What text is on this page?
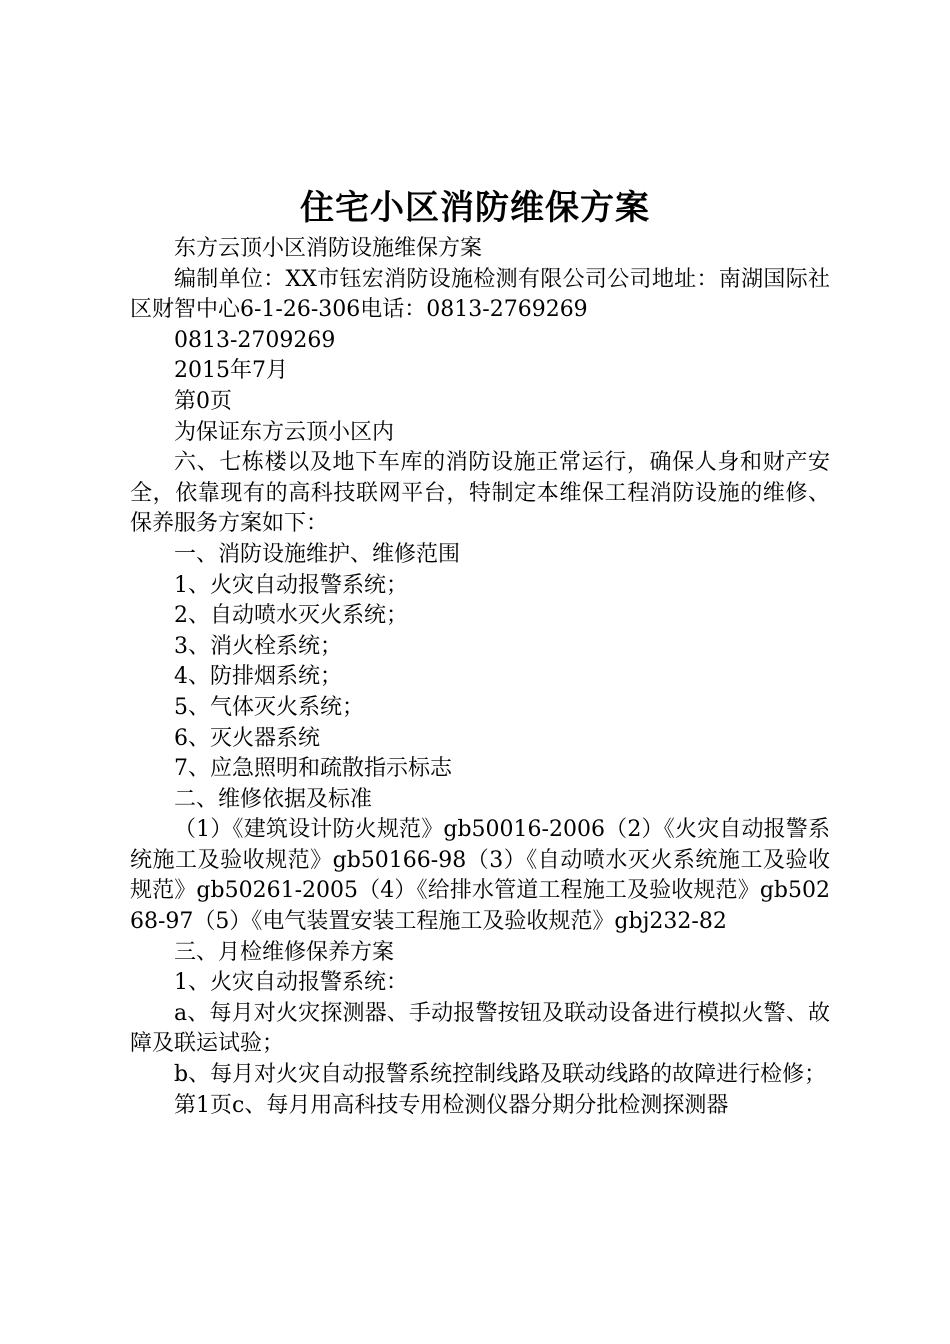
住宅小区消防维保方案

东方云顶小区消防设施维保方案

编制单位：XX市钰宏消防设施检测有限公司公司地址：南湖国际社区财智中心6-1-26-306电话：0813-2769269

0813-2709269

2015年7月

第0页

为保证东方云顶小区内

六、七栋楼以及地下车库的消防设施正常运行，确保人身和财产安全，依靠现有的高科技联网平台，特制定本维保工程消防设施的维修、保养服务方案如下：

一、消防设施维护、维修范围

1、火灾自动报警系统；

2、自动喷水灭火系统；

3、消火栓系统；

4、防排烟系统；

5、气体灭火系统；

6、灭火器系统

7、应急照明和疏散指示标志

二、维修依据及标准

（1）《建筑设计防火规范》gb50016-2006（2）《火灾自动报警系统施工及验收规范》gb50166-98（3）《自动喷水灭火系统施工及验收规范》gb50261-2005（4）《给排水管道工程施工及验收规范》gb50268-97（5）《电气装置安装工程施工及验收规范》gbj232-82

三、月检维修保养方案

1、火灾自动报警系统：

a、每月对火灾探测器、手动报警按钮及联动设备进行模拟火警、故障及联运试验；

b、每月对火灾自动报警系统控制线路及联动线路的故障进行检修；

第1页c、每月用高科技专用检测仪器分期分批检测探测器
